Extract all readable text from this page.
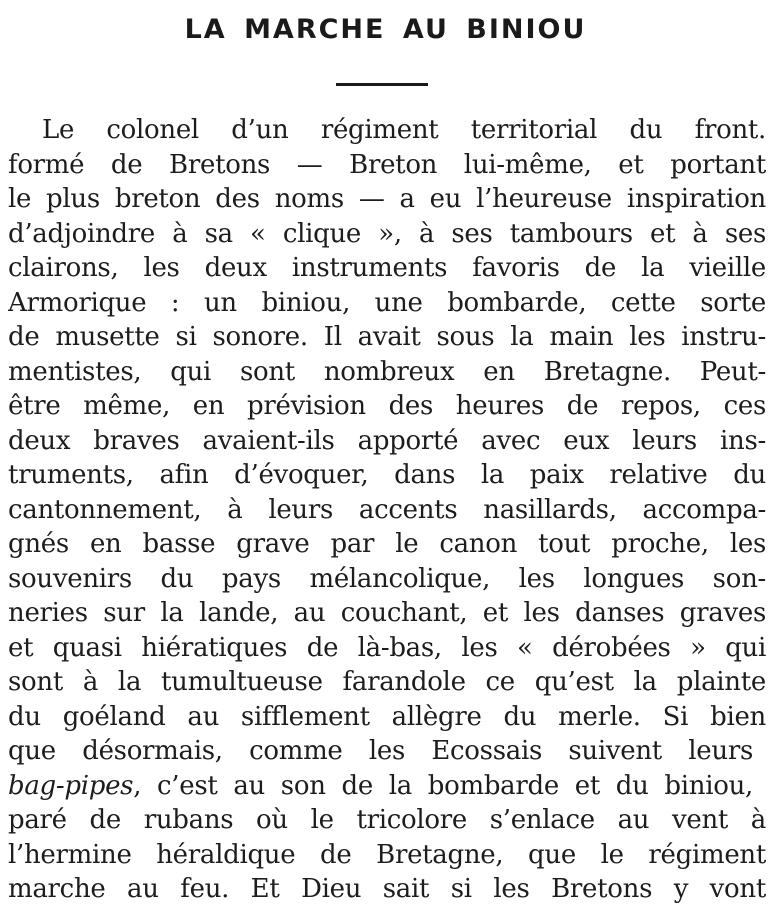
LA MARCHE AU BINIOU
Le colonel d’un régiment territorial du front.
formé de Bretons — Breton lui-même, et portant
le plus breton des noms — a eu l’heureuse inspiration
d’adjoindre à sa « clique », à ses tambours et à ses
clairons, les deux instruments favoris de la vieille
Armorique : un biniou, une bombarde, cette sorte
de musette si sonore. Il avait sous la main les instru-
mentistes, qui sont nombreux en Bretagne. Peut-
être même, en prévision des heures de repos, ces
deux braves avaient-ils apporté avec eux leurs ins-
truments, afin d’évoquer, dans la paix relative du
cantonnement, à leurs accents nasillards, accompa-
gnés en basse grave par le canon tout proche, les
souvenirs du pays mélancolique, les longues son-
neries sur la lande, au couchant, et les danses graves
et quasi hiératiques de là-bas, les « dérobées » qui
sont à la tumultueuse farandole ce qu’est la plainte
du goéland au sifflement allègre du merle. Si bien
que désormais, comme les Ecossais suivent leurs
bag-pipes, c’est au son de la bombarde et du biniou,
paré de rubans où le tricolore s’enlace au vent à
l’hermine héraldique de Bretagne, que le régiment
marche au feu. Et Dieu sait si les Bretons y vont
